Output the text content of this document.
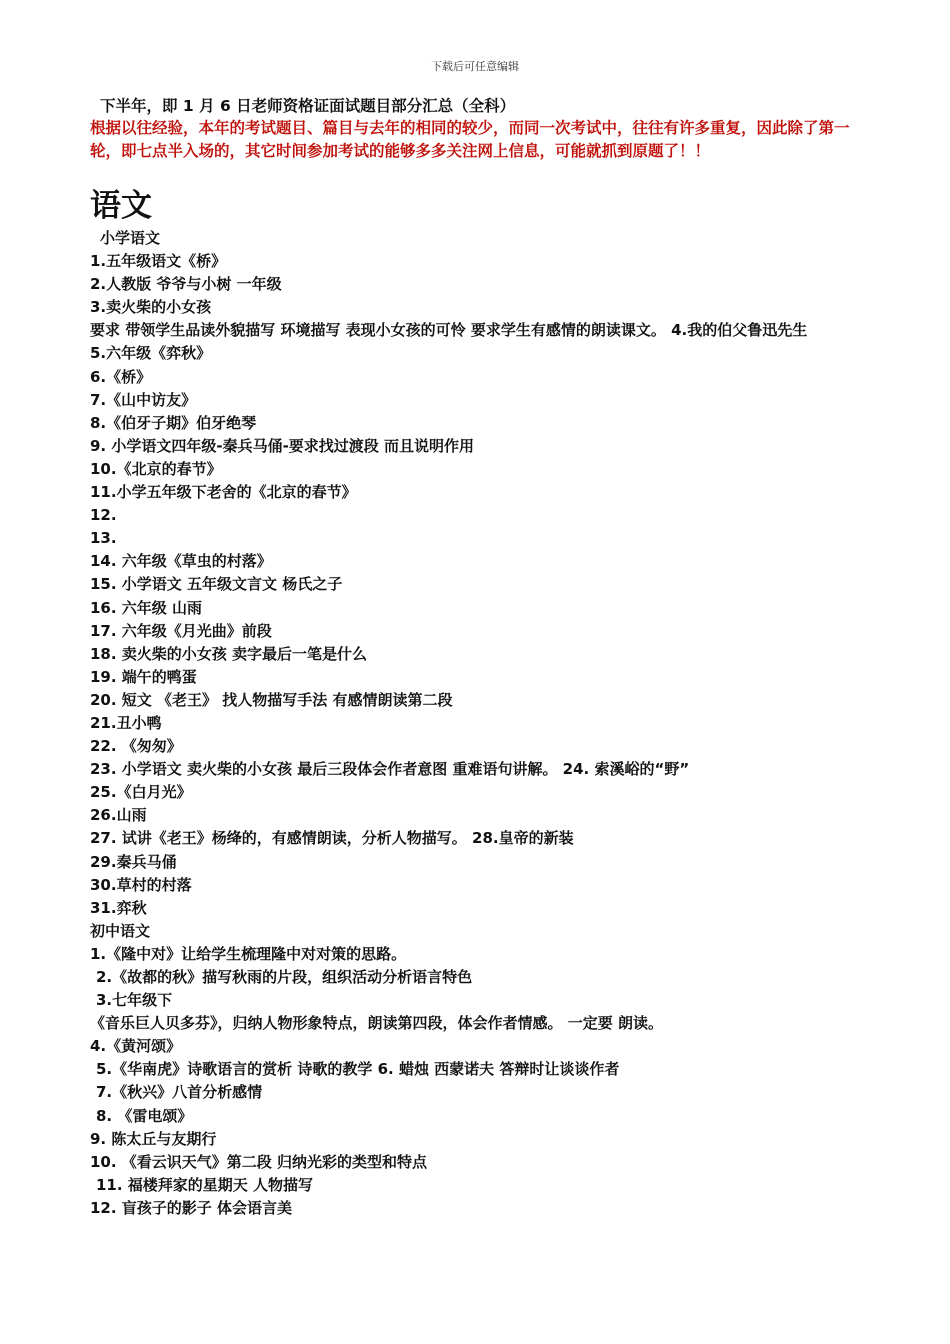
下载后可任意编辑
下半年，即 1 月 6 日老师资格证面试题目部分汇总（全科）
根据以往经验，本年的考试题目、篇目与去年的相同的较少，而同一次考试中，往往有许多重复，因此除了第一轮，即七点半入场的，其它时间参加考试的能够多多关注网上信息，可能就抓到原题了！！
语文
小学语文
1.五年级语文《桥》
2.人教版 爷爷与小树 一年级
3.卖火柴的小女孩
要求 带领学生品读外貌描写 环境描写 表现小女孩的可怜 要求学生有感情的朗读课文。 4.我的伯父鲁迅先生
5.六年级《弈秋》
6.《桥》
7.《山中访友》
8.《伯牙子期》伯牙绝琴
9. 小学语文四年级-秦兵马俑-要求找过渡段 而且说明作用
10.《北京的春节》
11.小学五年级下老舍的《北京的春节》
12.
13.
14. 六年级《草虫的村落》
15. 小学语文 五年级文言文 杨氏之子
16. 六年级 山雨
17. 六年级《月光曲》前段
18. 卖火柴的小女孩 卖字最后一笔是什么
19. 端午的鸭蛋
20. 短文 《老王》 找人物描写手法 有感情朗读第二段
21.丑小鸭
22. 《匆匆》
23. 小学语文 卖火柴的小女孩 最后三段体会作者意图 重难语句讲解。 24. 索溪峪的“野”
25.《白月光》
26.山雨
27. 试讲《老王》杨绛的，有感情朗读，分析人物描写。 28.皇帝的新装
29.秦兵马俑
30.草村的村落
31.弈秋
初中语文
1.《隆中对》让给学生梳理隆中对对策的思路。
2.《故都的秋》描写秋雨的片段，组织活动分析语言特色
3.七年级下
《音乐巨人贝多芬》，归纳人物形象特点，朗读第四段，体会作者情感。 一定要 朗读。
4.《黄河颂》
5.《华南虎》诗歌语言的赏析 诗歌的教学 6. 蜡烛 西蒙诺夫 答辩时让谈谈作者
7.《秋兴》八首分析感情
8. 《雷电颂》
9. 陈太丘与友期行
10. 《看云识天气》第二段 归纳光彩的类型和特点
11. 福楼拜家的星期天 人物描写
12. 盲孩子的影子 体会语言美
